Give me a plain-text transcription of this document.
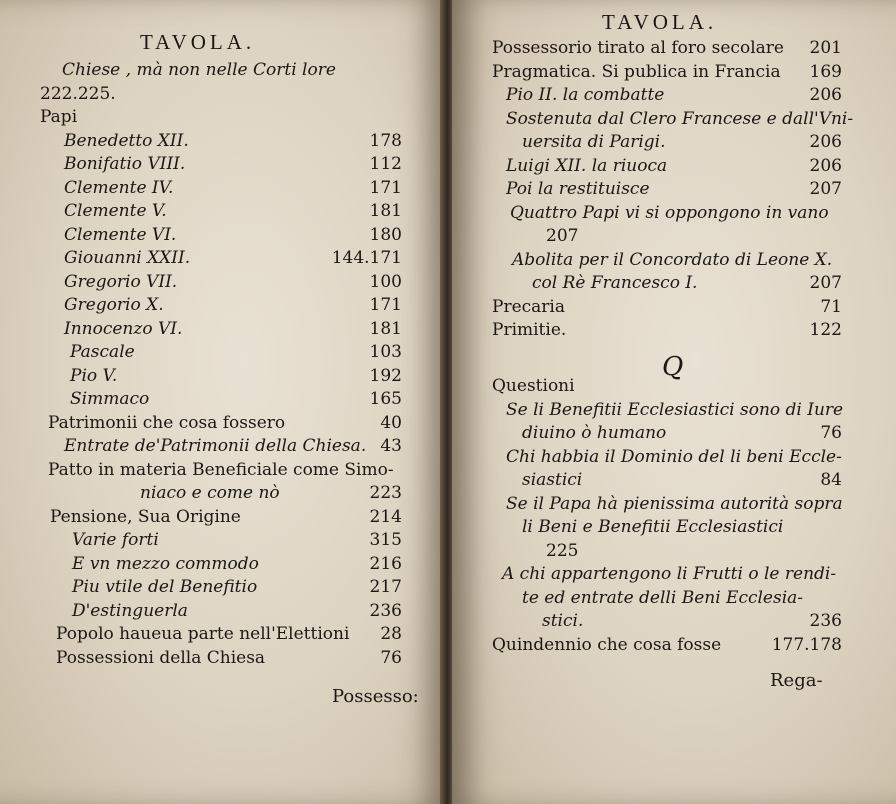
TAVOLA.
Chiese , mà non nelle Corti lore
222.225.
Papi
Benedetto XII.	178
Bonifatio VIII.	112
Clemente IV.	171
Clemente V.	181
Clemente VI.	180
Giouanni XXII.	144.171
Gregorio VII.	100
Gregorio X.	171
Innocenzo VI.	181
Pascale	103
Pio V.	192
Simmaco	165
Patrimonii che cosa fossero	40
Entrate de'Patrimonii della Chiesa. 43
Patto in materia Beneficiale come Simo-
niaco e come nò	223
Pensione, Sua Origine	214
Varie forti	315
E vn mezzo commodo	216
Piu vtile del Benefitio	217
D'estinguerla	236
Popolo haueua parte nell'Elettioni 28
Possessioni della Chiesa	76
Possesso:
TAVOLA.
Possessorio tirato al foro secolare 201
Pragmatica. Si publica in Francia 169
Pio II. la combatte	206
Sostenuta dal Clero Francese e dall'Vni-
uersita di Parigi.	206
Luigi XII. la riuoca	206
Poi la restituisce	207
Quattro Papi vi si oppongono in vano
207
Abolita per il Concordato di Leone X.
col Rè Francesco I.	207
Precaria	71
Primitie.	122
Q
Questioni
Se li Benefitii Ecclesiastici sono di Iure
diuino ò humano	76
Chi habbia il Dominio del li beni Eccle-
siastici	84
Se il Papa hà pienissima autorità sopra
li Beni e Benefitii Ecclesiastici
225
A chi appartengono li Frutti o le rendi-
te ed entrate delli Beni Ecclesia-
stici.	236
Quindennio che cosa fosse	177.178
Rega-
